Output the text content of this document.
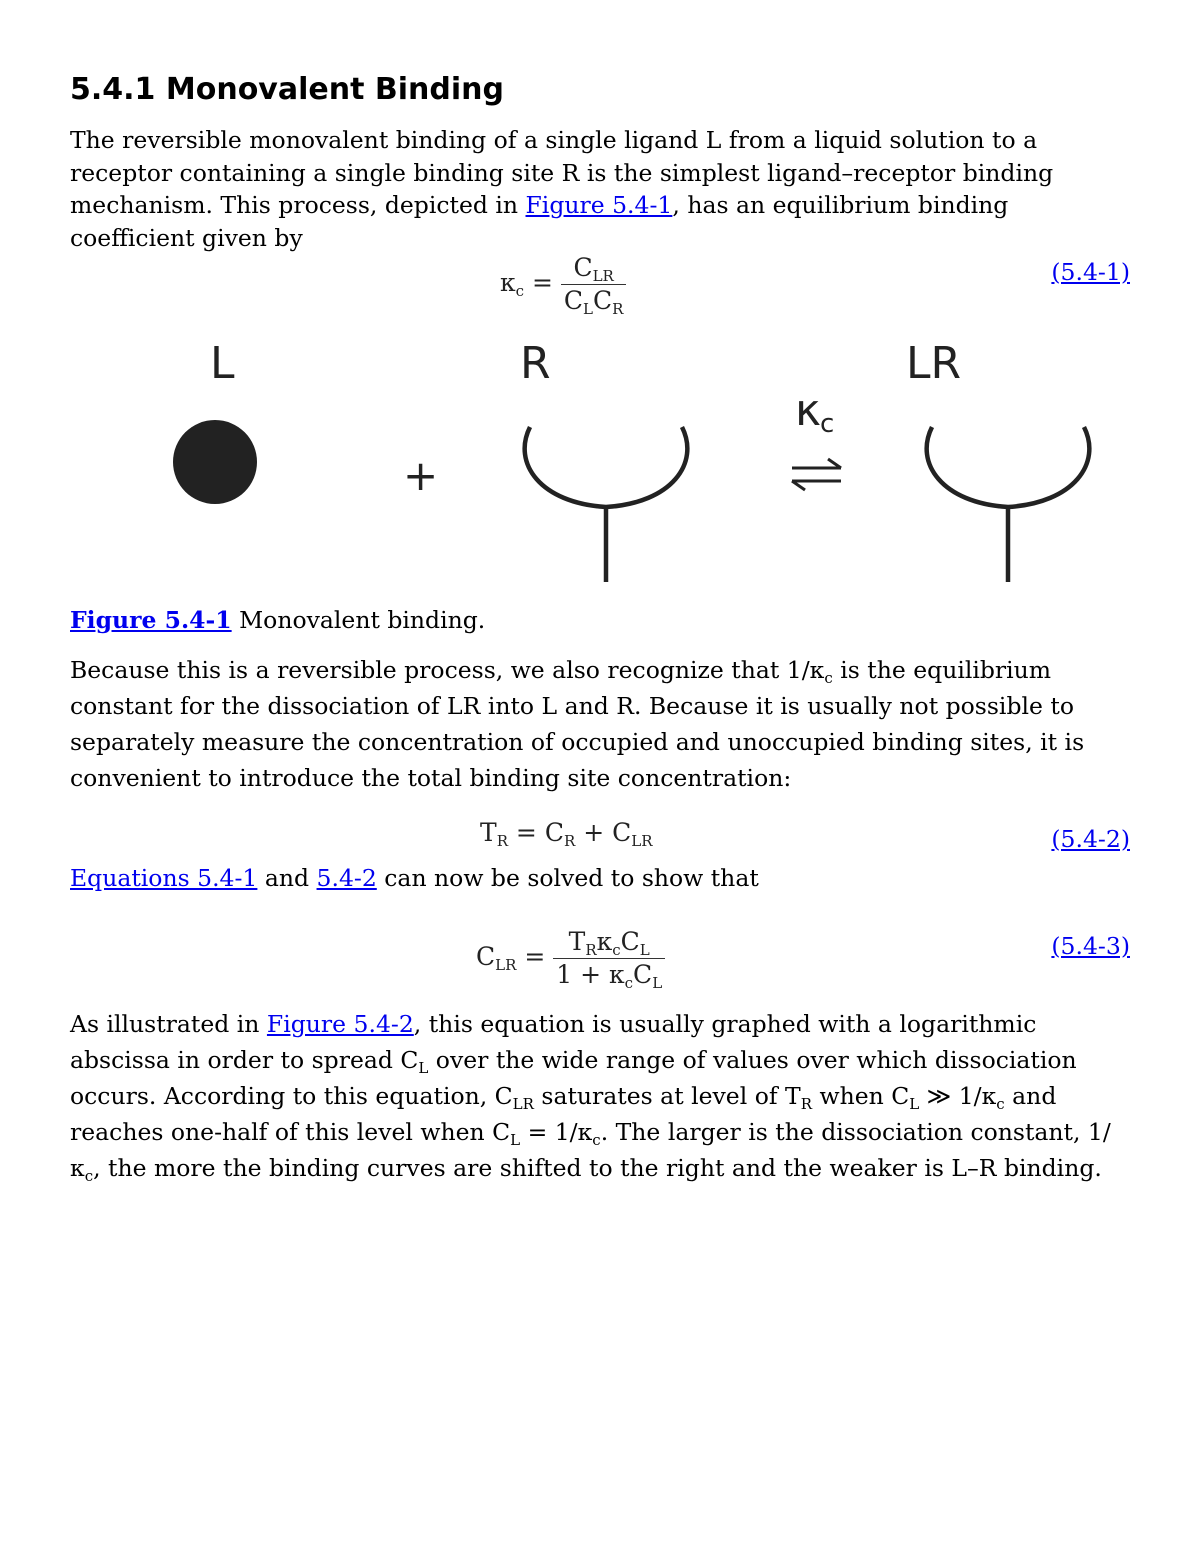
5.4.1 Monovalent Binding

The reversible monovalent binding of a single ligand L from a liquid solution to a receptor containing a single binding site R is the simplest ligand–receptor binding mechanism. This process, depicted in Figure 5.4-1, has an equilibrium binding coefficient given by

$\kappa_c = \frac{C_{LR}}{C_LC_R}$	(5.4-1)
L	R	LR
+
κ c
Figure 5.4-1 Monovalent binding.

Because this is a reversible process, we also recognize that $1/\kappa_c$ is the equilibrium constant for the dissociation of LR into L and R. Because it is usually not possible to separately measure the concentration of occupied and unoccupied binding sites, it is convenient to introduce the total binding site concentration:

$T_R = C_R + C_{LR}$	(5.4-2)

Equations 5.4-1 and 5.4-2 can now be solved to show that

$C_{LR} = \frac{T_R\kappa_cC_L}{1 + \kappa_cC_L}$	(5.4-3)

As illustrated in Figure 5.4-2, this equation is usually graphed with a logarithmic abscissa in order to spread $C_L$ over the wide range of values over which dissociation occurs. According to this equation, $C_{LR}$ saturates at level of $T_R$ when $C_L$ ≫ $1/\kappa_c$ and reaches one-half of this level when $C_L = 1/\kappa_c$. The larger is the dissociation constant, $1/\kappa_c$, the more the binding curves are shifted to the right and the weaker is L–R binding.
